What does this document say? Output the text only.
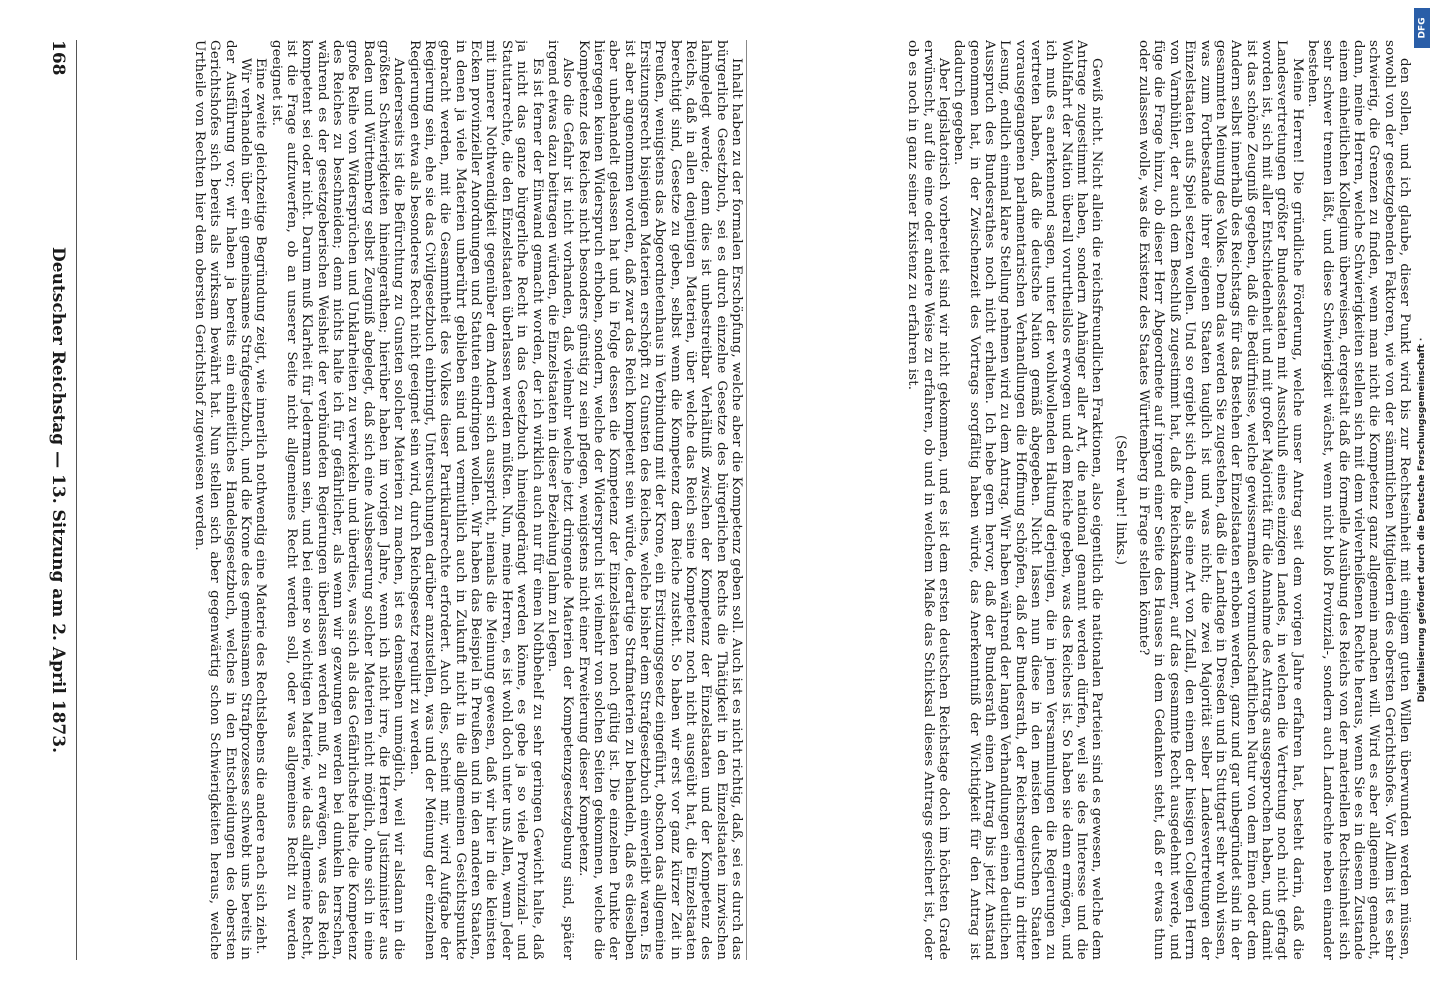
168
Deutscher Reichstag — 13. Sitzung am 2. April 1873.	Inhalt haben zu der formalen Erschöpfung, welche aber die Kompetenz geben soll. Auch ist es nicht richtig, daß, sei es durch das bürgerliche Gesetzbuch, sei es durch einzelne Gesetze des bürgerlichen Rechts die Thätigkeit in den Einzelstaaten inzwischen lahmgelegt werde; denn dies ist unbestreitbar Verhältniß zwischen der Kompetenz der Einzelstaaten und der Kompetenz des Reichs, daß in allen denjenigen Materien, über welche das Reich seine Kompetenz noch nicht ausgeübt hat, die Einzelstaaten berechtigt sind, Gesetze zu geben, selbst wenn die Kompetenz dem Reiche zusteht. So haben wir erst vor ganz kürzer Zeit in Preußen, wenigstens das Abgeordnetenhaus in Verbindung mit der Krone, ein Ersitzungsgesetz eingeführt, obschon das allgemeine Ersitzungsrecht bisjenigen Materien erschöpft zu Gunsten des Reiches, welche bisher dem Strafgesetzbuch einverleibt waren. Es ist aber angenommen worden, daß zwar das Reich kompetent sein würde, derartige Strafmaterien zu behandeln, daß es dieselben aber unbehandelt gelassen hat und in Folge dessen die Kompetenz der Einzelstaaten noch gültig ist. Die einzelnen Punkte der hiergegen keinen Widerspruch erhoben, sondern, welche der Widerspruch ist vielmehr von solchen Seiten gekommen, welche die Kompetenz des Reiches nicht besonders günstig zu sein pflegen, wenigstens nicht einer Erweiterung dieser Kompetenz.

Also die Gefahr ist nicht vorhanden, daß vielmehr welche jetzt dringende Materien der Kompetenzgesetzgebung sind, später irgend etwas dazu beitragen würden, die Einzelstaaten in dieser Beziehung lahm zu legen.

Es ist ferner der Einwand gemacht worden, der ich wirklich auch nur für einen Nothbehelf zu sehr geringen Gewicht halte, daß ja nicht das ganze bürgerliche Recht in das Gesetzbuch hineingedrängt werden könne, es gebe ja so viele Provinzial- und Statutarrechte, die den Einzelstaaten überlassen werden müßten. Nun, meine Herren, es ist wohl doch unter uns Allen, wenn Jeder mit innerer Nothwendigkeit gegenüber dem Andern sich ausspricht, niemals die Meinung gewesen, daß wir hier in die kleinsten Ecken provinzieller Anordnungen und Statuten eindringen wollen. Wir haben das Beispiel in Preußen und in den anderen Staaten, in denen ja viele Materien unberührt geblieben sind und vermuthlich auch in Zukunft nicht in die allgemeinen Gesichtspunkte gebracht werden, mit die Gesammtheit des Volkes dieser Partikularrechte erfordert. Auch dies, scheint mir, wird Aufgabe der Regierung sein, ehe sie das Civilgesetzbuch einbringt, Untersuchungen darüber anzustellen, was und der Meinung der einzelnen Regierungen etwa als besonderes Recht nicht geeignet sein wird, durch Reichsgesetz regulirt zu werden.

Andererseits ist die Befürchtung zu Gunsten solcher Materien zu machen, ist es demselben unmöglich, weil wir alsdann in die größten Schwierigkeiten hineingerathen; hierüber haben im vorigen Jahre, wenn ich nicht irre, die Herren Justizminister aus Baden und Württemberg selbst Zeugniß abgelegt, daß sich eine Ausbesserung solcher Materien nicht möglich, ohne sich in eine große Reihe von Widersprüchen und Unklarheiten zu verwickeln und überdies, was sich als das Gefährlichste halte, die Kompetenz des Reiches zu beschneiden; denn nichts halte ich für gefährlicher, als wenn wir gezwungen werden bei dunkeln herrschen, während es der gesetzgeberischen Weisheit der verbündeten Regierungen überlassen werden muß, zu erwägen, was das Reich kompetent sei oder nicht. Darum muß Klarheit für Jedermann sein, und bei einer so wichtigen Materie, wie das allgemeine Recht, ist die Frage aufzuwerfen, ob an unserer Seite nicht allgemeines Recht werden soll, oder was allgemeines Recht zu werden geeignet ist.

Eine zweite gleichzeitige Begründung zeigt, wie innerlich nothwendig eine Materie des Rechtslebens die andere nach sich zieht.

Wir verhandeln über ein gemeinsames Strafgesetzbuch, und die Krone des gemeinsamen Strafprozesses schwebt uns bereits in der Ausführung vor; wir haben ja bereits ein einheitliches Handelsgesetzbuch, welches in den Entscheidungen des obersten Gerichtshofes sich bereits als wirksam bewährt hat. Nun stellen sich aber gegenwärtig schon Schwierigkeiten heraus, welche Urtheile von Rechten hier dem obersten Gerichtshof zugewiesen werden.	den sollen, und ich glaube, dieser Punkt wird bis zur Rechtseinheit mit einigem guten Willen überwunden werden müssen, sowohl von der gesetzgebenden Faktoren, wie von der sämmtlichen Mitgliedern des obersten Gerichtshofes. Vor Allem ist es sehr schwierig, die Grenzen zu finden, wenn man nicht die Kompetenz ganz allgemein machen will. Wird es aber allgemein gemacht, dann, meine Herren, welche Schwierigkeiten stellen sich mit dem vielverheißenen Rechte heraus, wenn Sie es in diesem Zustande einem einheitlichen Kollegium überweisen, dergestalt daß die formelle Ausübung des Reichs von der materiellen Rechtseinheit sich sehr schwer trennen läßt, und diese Schwierigkeit wächst, wenn nicht bloß Provinzial-, sondern auch Landrechte neben einander bestehen.

Meine Herren! Die gründliche Förderung, welche unser Antrag seit dem vorigen Jahre erfahren hat, besteht darin, daß die Landesvertretungen größter Bundesstaaten mit Ausschluß eines einzigen Landes, in welchen die Vertretung noch nicht gefragt worden ist, sich mit aller Entschiedenheit und mit großer Majorität für die Annahme des Antrags ausgesprochen haben, und damit ist das schöne Zeugniß gegeben, daß die Bedürfnisse, welche gewissermaßen vormundschaftlichen Natur von dem Einen oder dem Andern selbst innerhalb des Reichstags für das Bestehen der Einzelstaaten erhoben werden, ganz und gar unbegründet sind in der gesammten Meinung des Volkes. Denn das werden Sie zugestehen, daß die Landtage in Dresden und in Stuttgart sehr wohl wissen, was zum Fortbestande ihrer eigenen Staaten tauglich ist und was nicht; die zwei Majorität selber Landesvertretungen der Einzelstaaten aufs Spiel setzen wollen. Und so ergiebt sich denn, als eine Art von Zufall, den einem der hiesigen Collegen Herrn von Varnbühler, der auch dem Beschluß zugestimmt hat, daß die Reichskammer, auf das gesammte Recht ausgedehnt werde, und füge die Frage hinzu, ob dieser Herr Abgeordnete auf irgend einer Seite des Hauses in dem Gedanken steht, daß er etwas thun oder zulassen wolle, was die Existenz des Staates Württemberg in Frage stellen könnte?

(Sehr wahr! links.)

Gewiß nicht. Nicht allein die reichsfreundlichen Fraktionen, also eigentlich die nationalen Parteien sind es gewesen, welche dem Antrage zugestimmt haben, sondern Anhänger aller Art, die national genannt werden dürfen, weil sie des Interesse und die Wohlfahrt der Nation überall vorurtheilslos erwogen und dem Reiche geben, was des Reiches ist. So haben sie denn ermögen, und ich muß es anerkennend sagen, unter der wohlwollenden Haltung derjenigen, die in jenen Versammlungen die Regierungen zu vertreten haben, daß die deutsche Nation gemäß abgegeben. Nicht lassen nun diese in den meisten deutschen Staaten vorausgegangenen parlamentarischen Verhandlungen die Hoffnung schöpfen, daß der Bundesrath, der Reichsregierung in dritter Lesung, endlich einmal klare Stellung nehmen wird zu dem Antrag. Wir haben während der langen Verhandlungen einen deutlichen Ausspruch des Bundesrathes noch nicht erhalten. Ich hebe gern hervor, daß der Bundesrath einen Antrag bis jetzt Anstand genommen hat, in der Zwischenzeit des Vortrags sorgfältig haben würde, das Anerkenntniß der Wichtigkeit für den Antrag ist dadurch gegeben.

Aber legislatorisch vorbereitet sind wir nicht gekommen, und es ist dem ersten deutschen Reichstage doch im höchsten Grade erwünscht, auf die eine oder andere Weise zu erfahren, ob und in welchem Maße das Schicksal dieses Antrags gesichert ist, oder ob es noch in ganz seiner Existenz zu erfahren ist.

DFG
Digitalisierung gefördert durch die Deutsche Forschungsgemeinschaft ·
